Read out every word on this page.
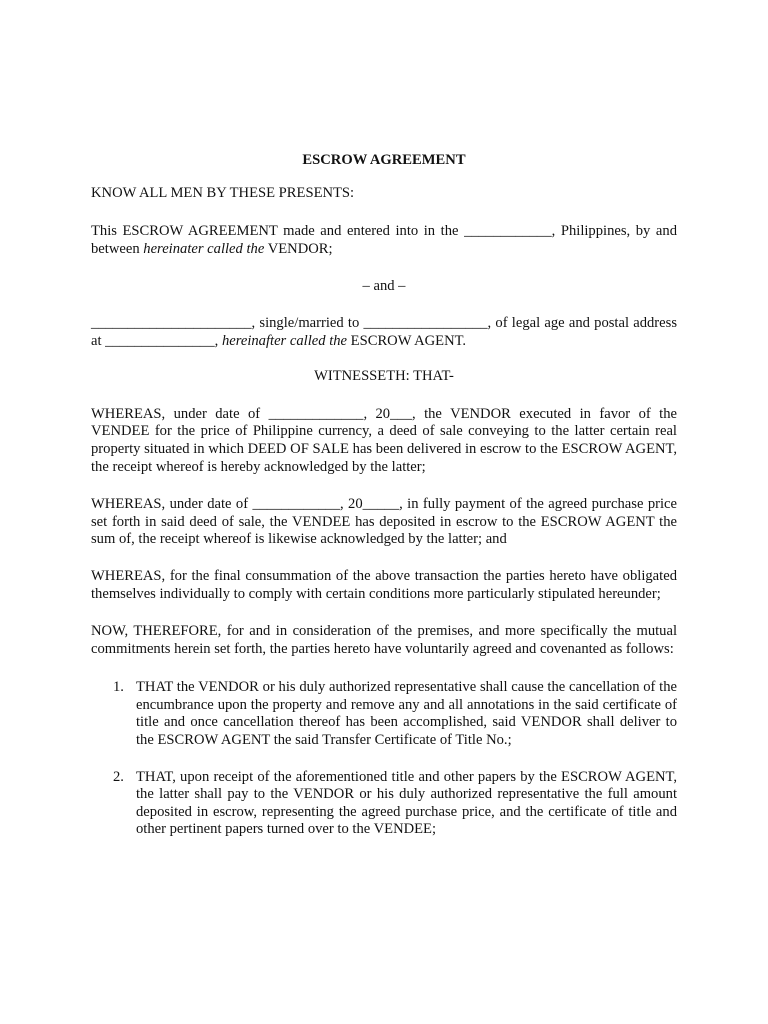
ESCROW AGREEMENT

KNOW ALL MEN BY THESE PRESENTS:

This ESCROW AGREEMENT made and entered into in the ____________, Philippines, by and between hereinater called the VENDOR;

– and –

______________________, single/married to _________________, of legal age and postal address at _______________, hereinafter called the ESCROW AGENT.

WITNESSETH: THAT-

WHEREAS, under date of _____________, 20___, the VENDOR executed in favor of the VENDEE for the price of Philippine currency, a deed of sale conveying to the latter certain real property situated in which DEED OF SALE has been delivered in escrow to the ESCROW AGENT, the receipt whereof is hereby acknowledged by the latter;

WHEREAS, under date of ____________, 20_____, in fully payment of the agreed purchase price set forth in said deed of sale, the VENDEE has deposited in escrow to the ESCROW AGENT the sum of, the receipt whereof is likewise acknowledged by the latter; and

WHEREAS, for the final consummation of the above transaction the parties hereto have obligated themselves individually to comply with certain conditions more particularly stipulated hereunder;

NOW, THEREFORE, for and in consideration of the premises, and more specifically the mutual commitments herein set forth, the parties hereto have voluntarily agreed and covenanted as follows:

1. THAT the VENDOR or his duly authorized representative shall cause the cancellation of the encumbrance upon the property and remove any and all annotations in the said certificate of title and once cancellation thereof has been accomplished, said VENDOR shall deliver to the ESCROW AGENT the said Transfer Certificate of Title No.;
2. THAT, upon receipt of the aforementioned title and other papers by the ESCROW AGENT, the latter shall pay to the VENDOR or his duly authorized representative the full amount deposited in escrow, representing the agreed purchase price, and the certificate of title and other pertinent papers turned over to the VENDEE;
